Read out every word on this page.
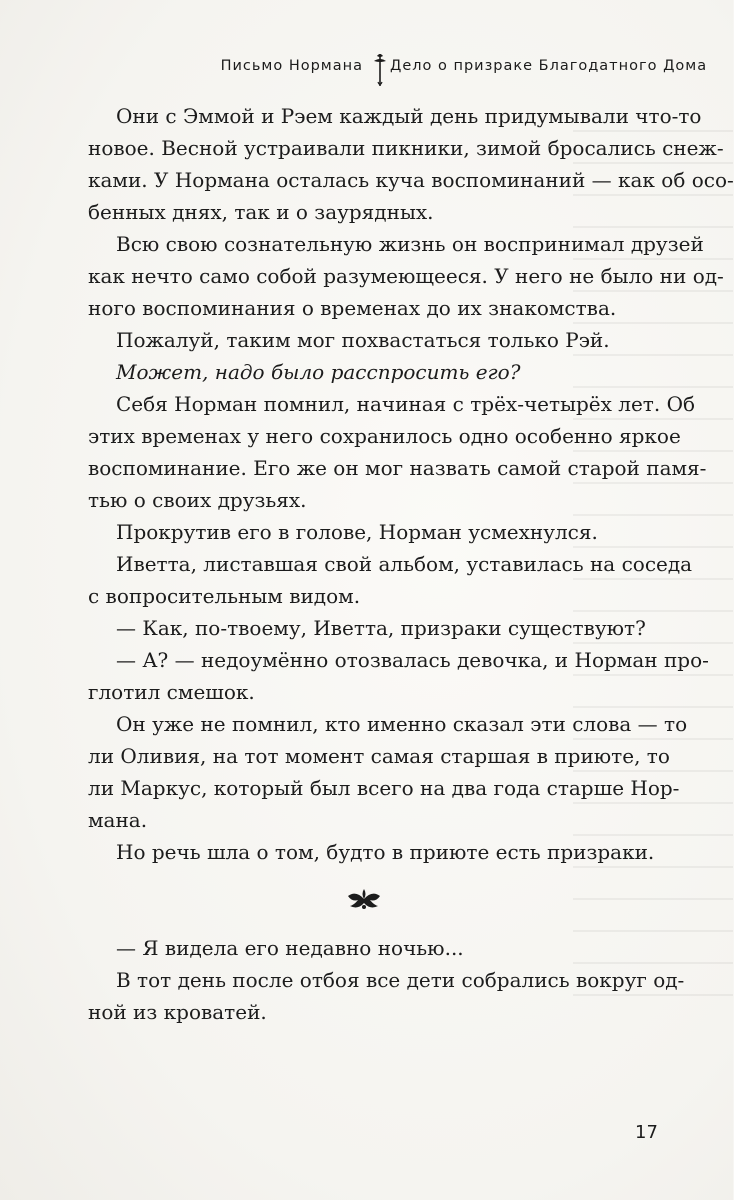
Письмо Нормана Дело о призраке Благодатного Дома
Они с Эммой и Рэем каждый день придумывали что-то
новое. Весной устраивали пикники, зимой бросались снеж-
ками. У Нормана осталась куча воспоминаний — как об осо-
бенных днях, так и о заурядных.
Всю свою сознательную жизнь он воспринимал друзей
как нечто само собой разумеющееся. У него не было ни од-
ного воспоминания о временах до их знакомства.
Пожалуй, таким мог похвастаться только Рэй.
Может, надо было расспросить его?
Себя Норман помнил, начиная с трёх-четырёх лет. Об
этих временах у него сохранилось одно особенно яркое
воспоминание. Его же он мог назвать самой старой памя-
тью о своих друзьях.
Прокрутив его в голове, Норман усмехнулся.
Иветта, листавшая свой альбом, уставилась на соседа
с вопросительным видом.
— Как, по-твоему, Иветта, призраки существуют?
— А? — недоумённо отозвалась девочка, и Норман про-
глотил смешок.
Он уже не помнил, кто именно сказал эти слова — то
ли Оливия, на тот момент самая старшая в приюте, то
ли Маркус, который был всего на два года старше Нор-
мана.
Но речь шла о том, будто в приюте есть призраки.
— Я видела его недавно ночью...
В тот день после отбоя все дети собрались вокруг од-
ной из кроватей.
17
